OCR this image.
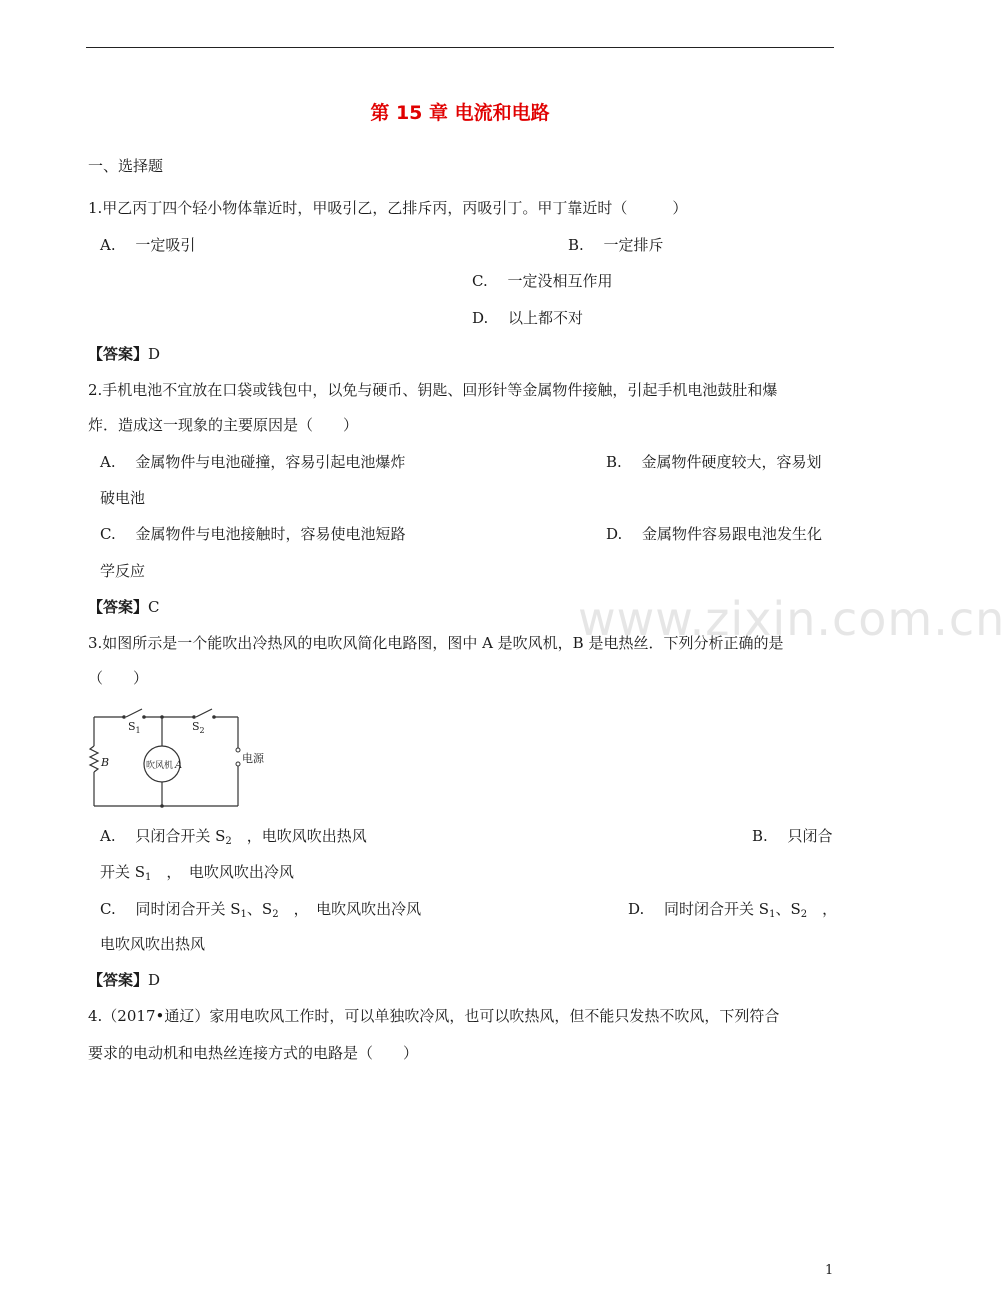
www.zixin.com.cn
第 15 章 电流和电路
一、选择题
1.甲乙丙丁四个轻小物体靠近时，甲吸引乙，乙排斥丙，丙吸引丁。甲丁靠近时（　　　）
A.　 一定吸引	B.　 一定排斥
C.　 一定没相互作用
D.　 以上都不对
【答案】D
2.手机电池不宜放在口袋或钱包中，以免与硬币、钥匙、回形针等金属物件接触，引起手机电池鼓肚和爆
炸．造成这一现象的主要原因是（　　）
A.　 金属物件与电池碰撞，容易引起电池爆炸	B.　 金属物件硬度较大，容易划
破电池
C.　 金属物件与电池接触时，容易使电池短路	D.　 金属物件容易跟电池发生化
学反应
【答案】C
3.如图所示是一个能吹出冷热风的电吹风简化电路图，图中 A 是吹风机，B 是电热丝．下列分析正确的是
（　　）
$S_1$	$S_2$
B	吹风机 A
电源
A.　 只闭合开关 $S_2$　，电吹风吹出热风	B.　 只闭合
开关 $S_1$　，　电吹风吹出冷风
C.　 同时闭合开关 $S_1$、$S_2$　，　电吹风吹出冷风	D.　 同时闭合开关 $S_1$、$S_2$　，
电吹风吹出热风
【答案】D
4.（2017•通辽）家用电吹风工作时，可以单独吹冷风，也可以吹热风，但不能只发热不吹风，下列符合
要求的电动机和电热丝连接方式的电路是（　　）
1
